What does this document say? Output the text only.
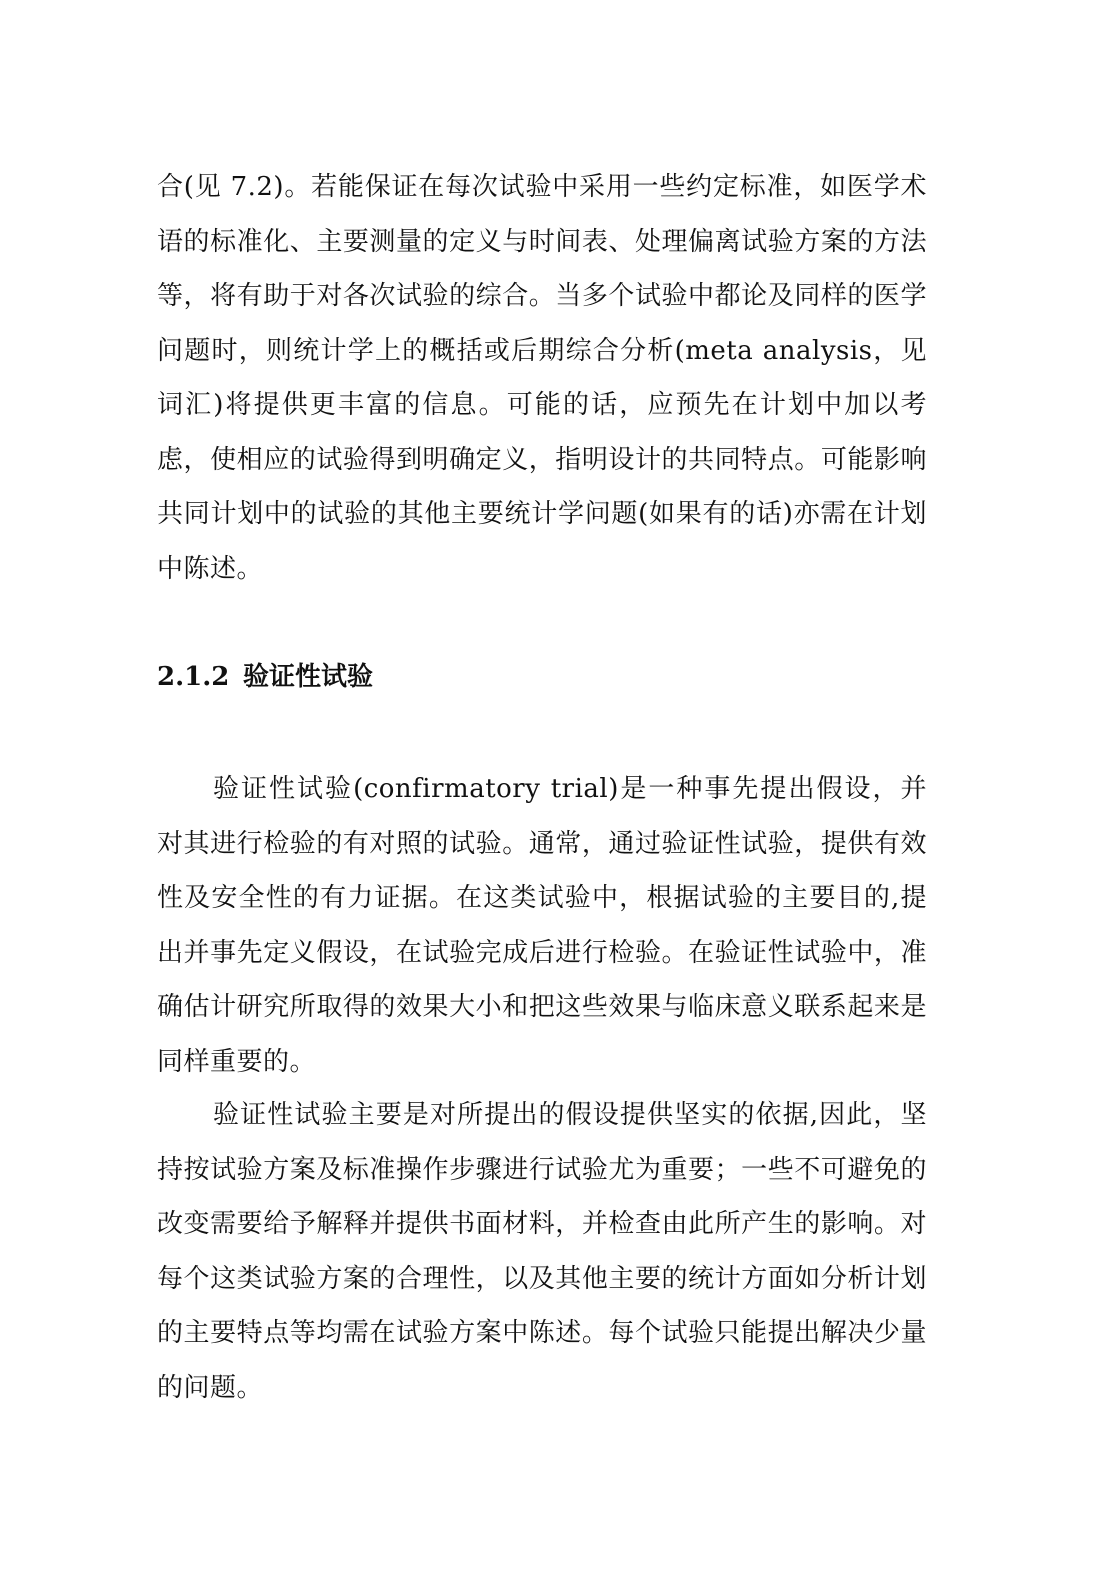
合(见 7.2)。若能保证在每次试验中采用一些约定标准，如医学术语的标准化、主要测量的定义与时间表、处理偏离试验方案的方法等，将有助于对各次试验的综合。当多个试验中都论及同样的医学问题时，则统计学上的概括或后期综合分析(meta analysis，见词汇)将提供更丰富的信息。可能的话，应预先在计划中加以考虑，使相应的试验得到明确定义，指明设计的共同特点。可能影响共同计划中的试验的其他主要统计学问题(如果有的话)亦需在计划中陈述。

2.1.2 验证性试验

验证性试验(confirmatory trial)是一种事先提出假设，并对其进行检验的有对照的试验。通常，通过验证性试验，提供有效性及安全性的有力证据。在这类试验中，根据试验的主要目的,提出并事先定义假设，在试验完成后进行检验。在验证性试验中，准确估计研究所取得的效果大小和把这些效果与临床意义联系起来是同样重要的。

验证性试验主要是对所提出的假设提供坚实的依据,因此，坚持按试验方案及标准操作步骤进行试验尤为重要；一些不可避免的改变需要给予解释并提供书面材料，并检查由此所产生的影响。对每个这类试验方案的合理性，以及其他主要的统计方面如分析计划的主要特点等均需在试验方案中陈述。每个试验只能提出解决少量的问题。
